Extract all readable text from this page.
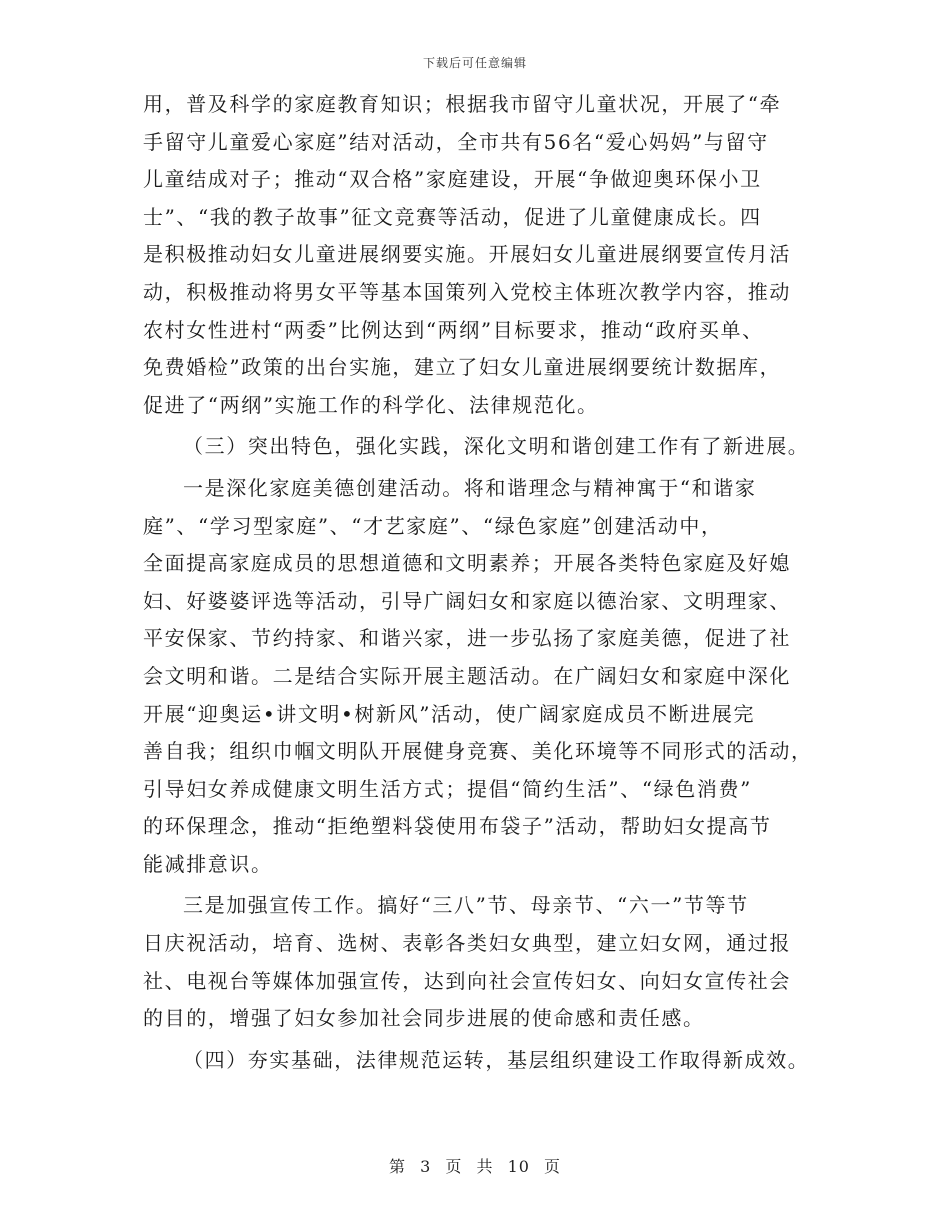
下载后可任意编辑
用，普及科学的家庭教育知识；根据我市留守儿童状况，开展了“牵
手留守儿童爱心家庭”结对活动，全市共有56名“爱心妈妈”与留守
儿童结成对子；推动“双合格”家庭建设，开展“争做迎奥环保小卫
士”、“我的教子故事”征文竞赛等活动，促进了儿童健康成长。四
是积极推动妇女儿童进展纲要实施。开展妇女儿童进展纲要宣传月活
动，积极推动将男女平等基本国策列入党校主体班次教学内容，推动
农村女性进村“两委”比例达到“两纲”目标要求，推动“政府买单、
免费婚检”政策的出台实施，建立了妇女儿童进展纲要统计数据库，
促进了“两纲”实施工作的科学化、法律规范化。
（三）突出特色，强化实践，深化文明和谐创建工作有了新进展。
一是深化家庭美德创建活动。将和谐理念与精神寓于“和谐家
庭”、“学习型家庭”、“才艺家庭”、“绿色家庭”创建活动中，
全面提高家庭成员的思想道德和文明素养；开展各类特色家庭及好媳
妇、好婆婆评选等活动，引导广阔妇女和家庭以德治家、文明理家、
平安保家、节约持家、和谐兴家，进一步弘扬了家庭美德，促进了社
会文明和谐。二是结合实际开展主题活动。在广阔妇女和家庭中深化
开展“迎奥运•讲文明•树新风”活动，使广阔家庭成员不断进展完
善自我；组织巾帼文明队开展健身竞赛、美化环境等不同形式的活动，
引导妇女养成健康文明生活方式；提倡“简约生活”、“绿色消费”
的环保理念，推动“拒绝塑料袋使用布袋子”活动，帮助妇女提高节
能减排意识。
三是加强宣传工作。搞好“三八”节、母亲节、“六一”节等节
日庆祝活动，培育、选树、表彰各类妇女典型，建立妇女网，通过报
社、电视台等媒体加强宣传，达到向社会宣传妇女、向妇女宣传社会
的目的，增强了妇女参加社会同步进展的使命感和责任感。
（四）夯实基础，法律规范运转，基层组织建设工作取得新成效。
第 3 页 共 10 页
